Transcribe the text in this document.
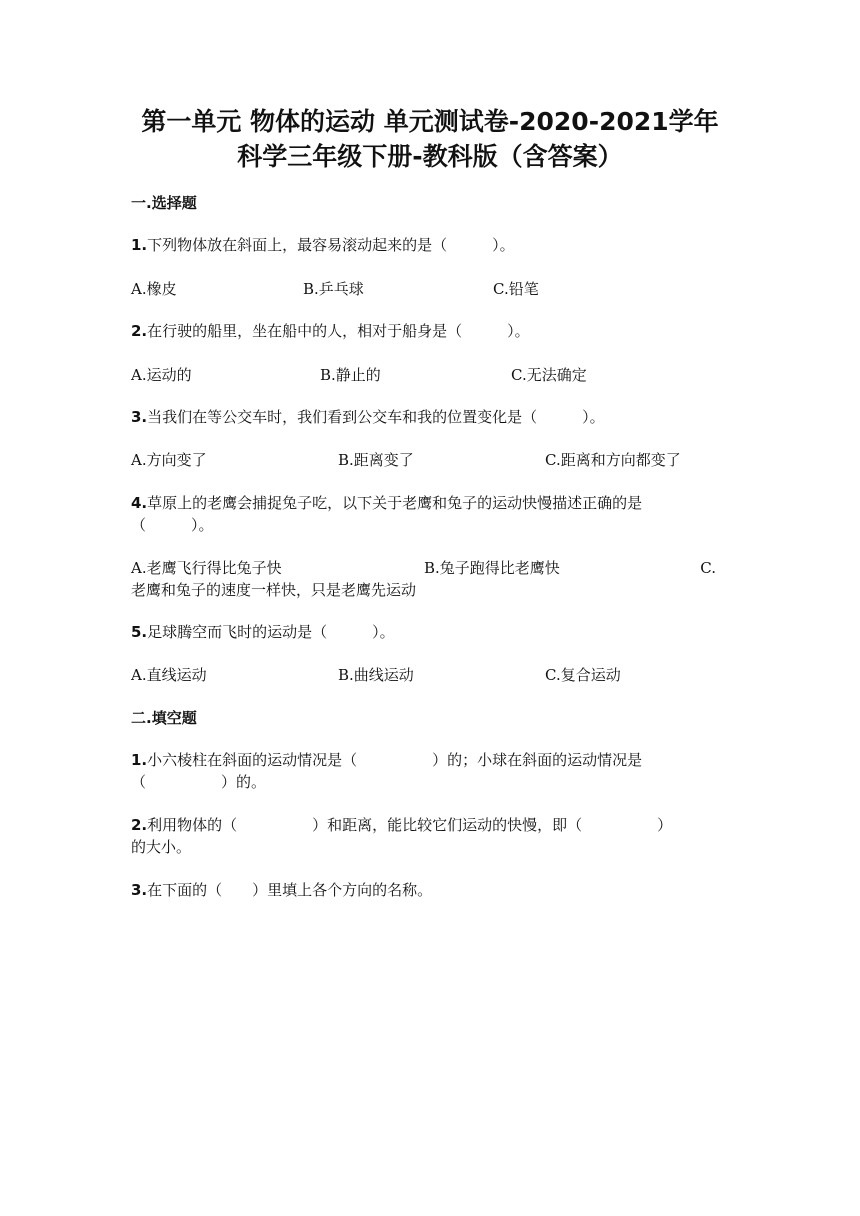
第一单元 物体的运动 单元测试卷-2020-2021学年
科学三年级下册-教科版（含答案）
一.选择题
1.下列物体放在斜面上，最容易滚动起来的是（　　　）。
A.橡皮	B.乒乓球	C.铅笔
2.在行驶的船里，坐在船中的人，相对于船身是（　　　）。
A.运动的	B.静止的	C.无法确定
3.当我们在等公交车时，我们看到公交车和我的位置变化是（　　　）。
A.方向变了	B.距离变了	C.距离和方向都变了
4.草原上的老鹰会捕捉兔子吃，以下关于老鹰和兔子的运动快慢描述正确的是
（　　　）。
A.老鹰飞行得比兔子快	B.兔子跑得比老鹰快	C.
老鹰和兔子的速度一样快，只是老鹰先运动
5.足球腾空而飞时的运动是（　　　）。
A.直线运动	B.曲线运动	C.复合运动
二.填空题
1.小六棱柱在斜面的运动情况是（　　　　　）的；小球在斜面的运动情况是
（　　　　　）的。
2.利用物体的（　　　　　）和距离，能比较它们运动的快慢，即（　　　　　）
的大小。
3.在下面的（　　）里填上各个方向的名称。
